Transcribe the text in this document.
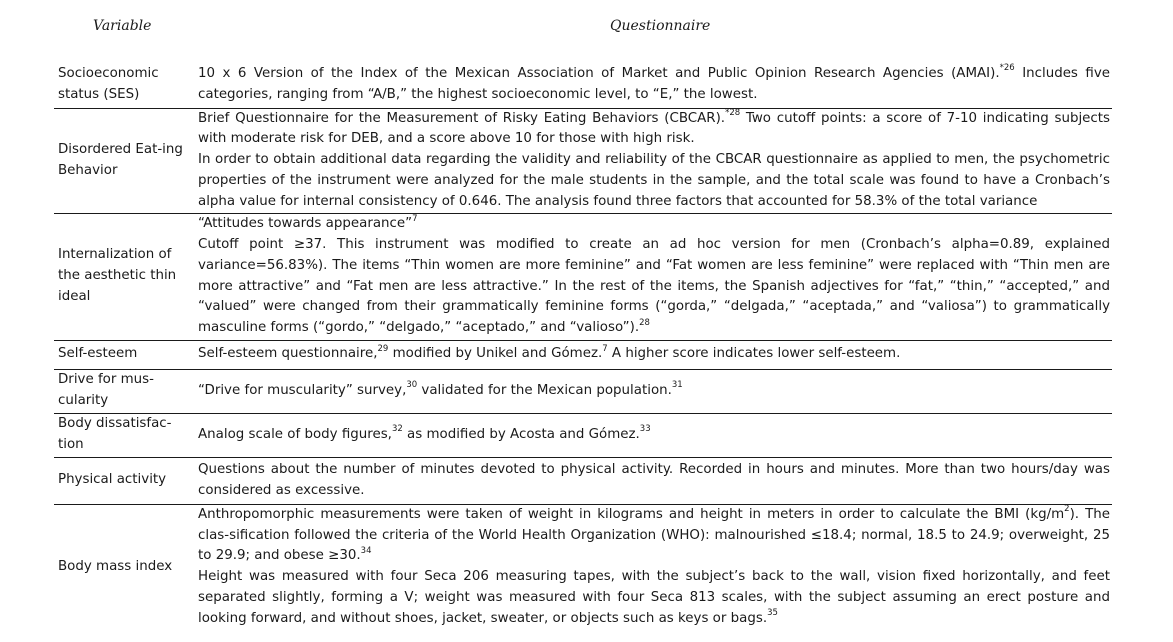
Variable	Questionnaire
Socioeconomic status (SES)	10 x 6 Version of the Index of the Mexican Association of Market and Public Opinion Research Agencies (AMAI).$^{*26}$ Includes five categories, ranging from “A/B,” the highest socioeconomic level, to “E,” the lowest.

Disordered Eat-ing Behavior	Brief Questionnaire for the Measurement of Risky Eating Behaviors (CBCAR).$^{*28}$ Two cutoff points: a score of 7-10 indicating subjects with moderate risk for DEB, and a score above 10 for those with high risk.
In order to obtain additional data regarding the validity and reliability of the CBCAR questionnaire as applied to men, the psychometric properties of the instrument were analyzed for the male students in the sample, and the total scale was found to have a Cronbach’s alpha value for internal consistency of 0.646. The analysis found three factors that accounted for 58.3% of the total variance

Internalization of the aesthetic thin ideal	“Attitudes towards appearance”$^7$
Cutoff point ≥37. This instrument was modified to create an ad hoc version for men (Cronbach’s alpha=0.89, explained variance=56.83%). The items “Thin women are more feminine” and “Fat women are less feminine” were replaced with “Thin men are more attractive” and “Fat men are less attractive.” In the rest of the items, the Spanish adjectives for “fat,” “thin,” “accepted,” and “valued” were changed from their grammatically feminine forms (“gorda,” “delgada,” “aceptada,” and “valiosa”) to grammatically masculine forms (“gordo,” “delgado,” “aceptado,” and “valioso”).$^{28}$

Self-esteem	Self-esteem questionnaire,$^{29}$ modified by Unikel and Gómez.$^7$ A higher score indicates lower self-esteem.

Drive for mus-cularity	“Drive for muscularity” survey,$^{30}$ validated for the Mexican population.$^{31}$

Body dissatisfac-tion	Analog scale of body figures,$^{32}$ as modified by Acosta and Gómez.$^{33}$

Physical activity	Questions about the number of minutes devoted to physical activity. Recorded in hours and minutes. More than two hours/day was considered as excessive.

Body mass index	Anthropomorphic measurements were taken of weight in kilograms and height in meters in order to calculate the BMI $(kg/m^2)$. The clas-sification followed the criteria of the World Health Organization (WHO): malnourished ≤18.4; normal, 18.5 to 24.9; overweight, 25 to 29.9; and obese ≥30.34
Height was measured with four Seca 206 measuring tapes, with the subject’s back to the wall, vision fixed horizontally, and feet separated slightly, forming a V; weight was measured with four Seca 813 scales, with the subject assuming an erect posture and looking forward, and without shoes, jacket, sweater, or objects such as keys or bags.$^{35}$
